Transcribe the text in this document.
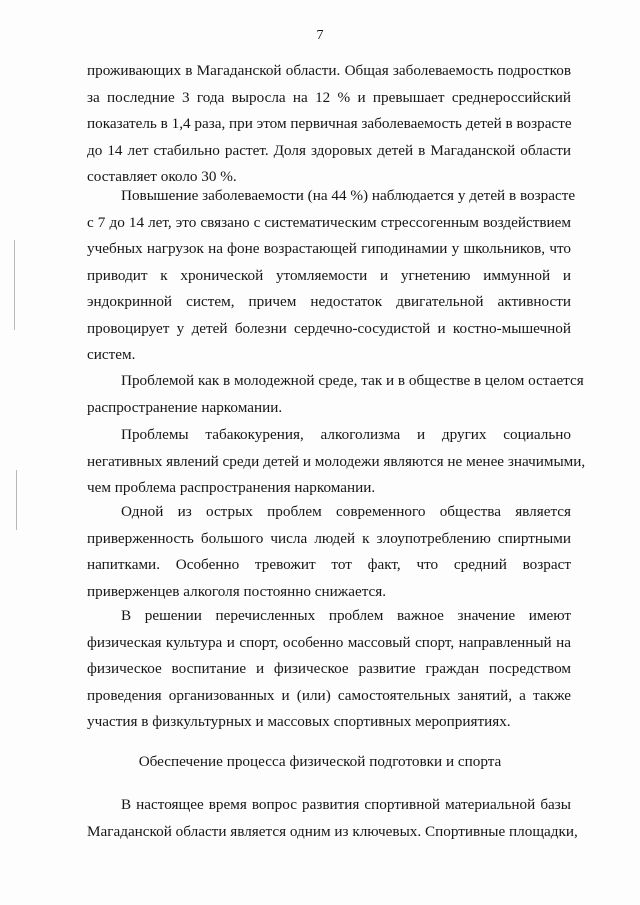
7
проживающих в Магаданской области. Общая заболеваемость подростков
за последние 3 года выросла на 12 % и превышает среднероссийский
показатель в 1,4 раза, при этом первичная заболеваемость детей в возрасте
до 14 лет стабильно растет. Доля здоровых детей в Магаданской области
составляет около 30 %.
Повышение заболеваемости (на 44 %) наблюдается у детей в возрасте
с 7 до 14 лет, это связано с систематическим стрессогенным воздействием
учебных нагрузок на фоне возрастающей гиподинамии у школьников, что
приводит к хронической утомляемости и угнетению иммунной и
эндокринной систем, причем недостаток двигательной активности
провоцирует у детей болезни сердечно-сосудистой и костно-мышечной
систем.
Проблемой как в молодежной среде, так и в обществе в целом остается
распространение наркомании.
Проблемы табакокурения, алкоголизма и других социально
негативных явлений среди детей и молодежи являются не менее значимыми,
чем проблема распространения наркомании.
Одной из острых проблем современного общества является
приверженность большого числа людей к злоупотреблению спиртными
напитками. Особенно тревожит тот факт, что средний возраст
приверженцев алкоголя постоянно снижается.
В решении перечисленных проблем важное значение имеют
физическая культура и спорт, особенно массовый спорт, направленный на
физическое воспитание и физическое развитие граждан посредством
проведения организованных и (или) самостоятельных занятий, а также
участия в физкультурных и массовых спортивных мероприятиях.
Обеспечение процесса физической подготовки и спорта
В настоящее время вопрос развития спортивной материальной базы
Магаданской области является одним из ключевых. Спортивные площадки,
